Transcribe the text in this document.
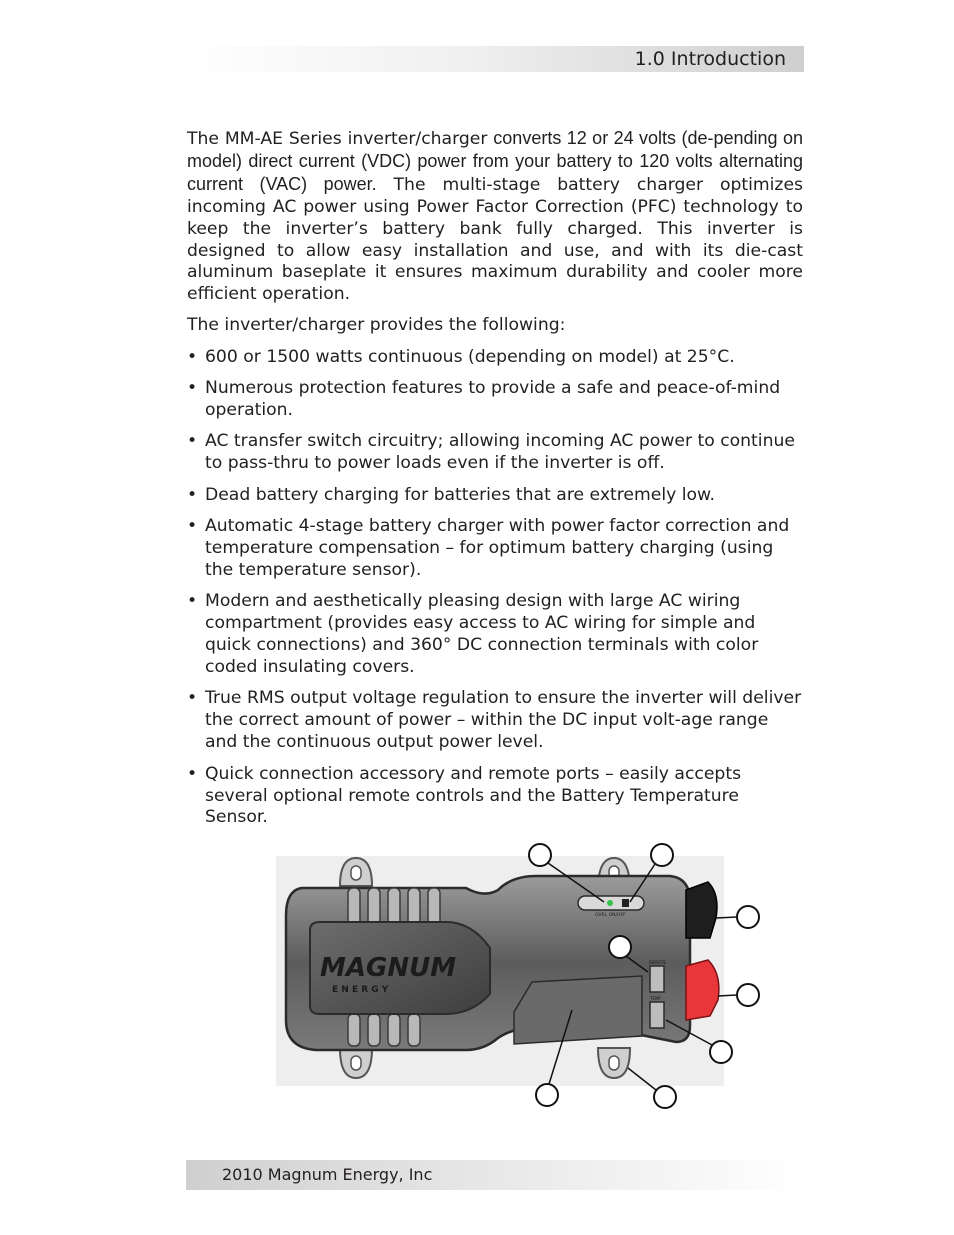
1.0 Introduction

The MM-AE Series inverter/charger converts 12 or 24 volts (de-pending on model) direct current (VDC) power from your battery to 120 volts alternating current (VAC) power. The multi-stage battery charger optimizes incoming AC power using Power Factor Correction (PFC) technology to keep the inverter’s battery bank fully charged. This inverter is designed to allow easy installation and use, and with its die-cast aluminum baseplate it ensures maximum durability and cooler more efficient operation.

The inverter/charger provides the following:

• 600 or 1500 watts continuous (depending on model) at 25°C.
• Numerous protection features to provide a safe and peace-of-mind operation.
• AC transfer switch circuitry; allowing incoming AC power to continue to pass-thru to power loads even if the inverter is off.
• Dead battery charging for batteries that are extremely low.
• Automatic 4-stage battery charger with power factor correction and temperature compensation – for optimum battery charging (using the temperature sensor).
• Modern and aesthetically pleasing design with large AC wiring compartment (provides easy access to AC wiring for simple and quick connections) and 360° DC connection terminals with color coded insulating covers.
• True RMS output voltage regulation to ensure the inverter will deliver the correct amount of power – within the DC input volt-age range and the continuous output power level.
• Quick connection accessory and remote ports – easily accepts several optional remote controls and the Battery Temperature Sensor.
MAGNUM
E N E R G Y
OVRL ON/OFF
REMOTE
TEMP
2010 Magnum Energy, Inc
